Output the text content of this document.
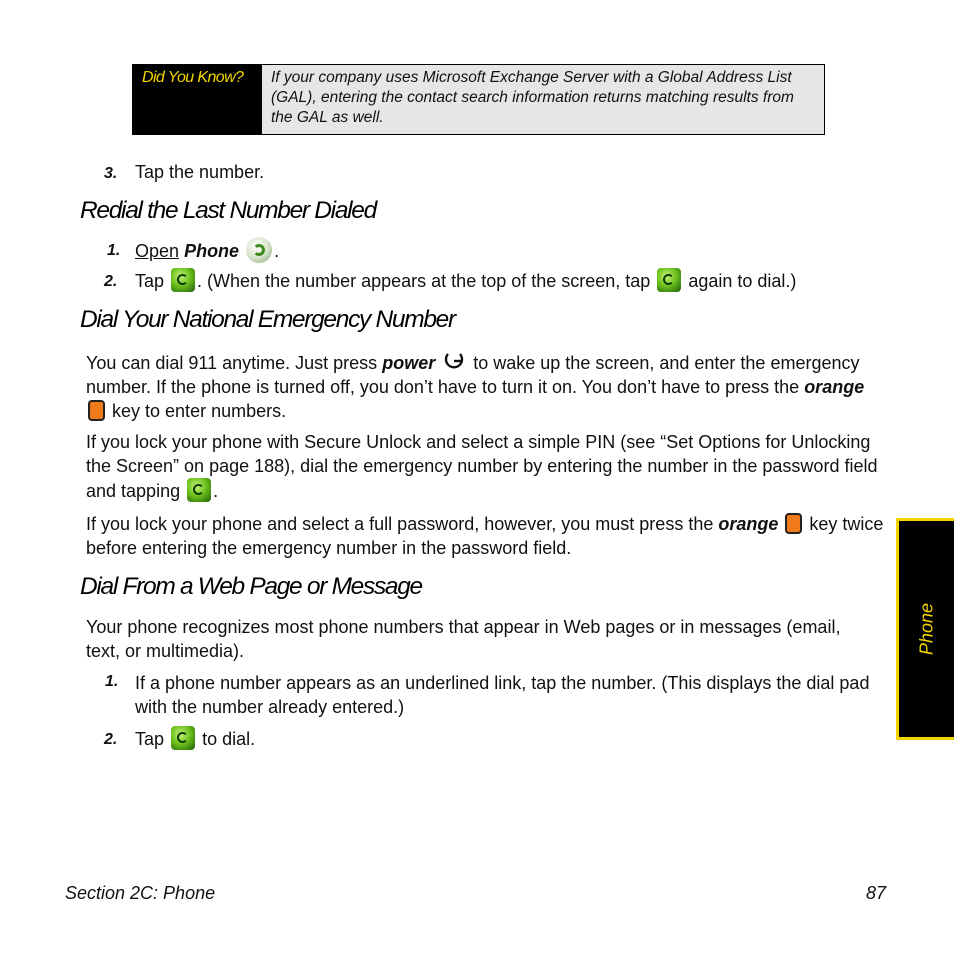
Did You Know?	If your company uses Microsoft Exchange Server with a Global Address List (GAL), entering the contact search information returns matching results from the GAL as well.
3. Tap the number.
Redial the Last Number Dialed
1. Open Phone .
2. Tap . (When the number appears at the top of the screen, tap again to dial.)
Dial Your National Emergency Number
You can dial 911 anytime. Just press power to wake up the screen, and enter the emergency number. If the phone is turned off, you don’t have to turn it on. You don’t have to press the orange  key to enter numbers.
If you lock your phone with Secure Unlock and select a simple PIN (see “Set Options for Unlocking the Screen” on page 188), dial the emergency number by entering the number in the password field and tapping .
If you lock your phone and select a full password, however, you must press the orange key twice before entering the emergency number in the password field.
Dial From a Web Page or Message
Your phone recognizes most phone numbers that appear in Web pages or in messages (email, text, or multimedia).
1. If a phone number appears as an underlined link, tap the number. (This displays the dial pad with the number already entered.)
2. Tap to dial.
Phone
Section 2C: Phone	87
